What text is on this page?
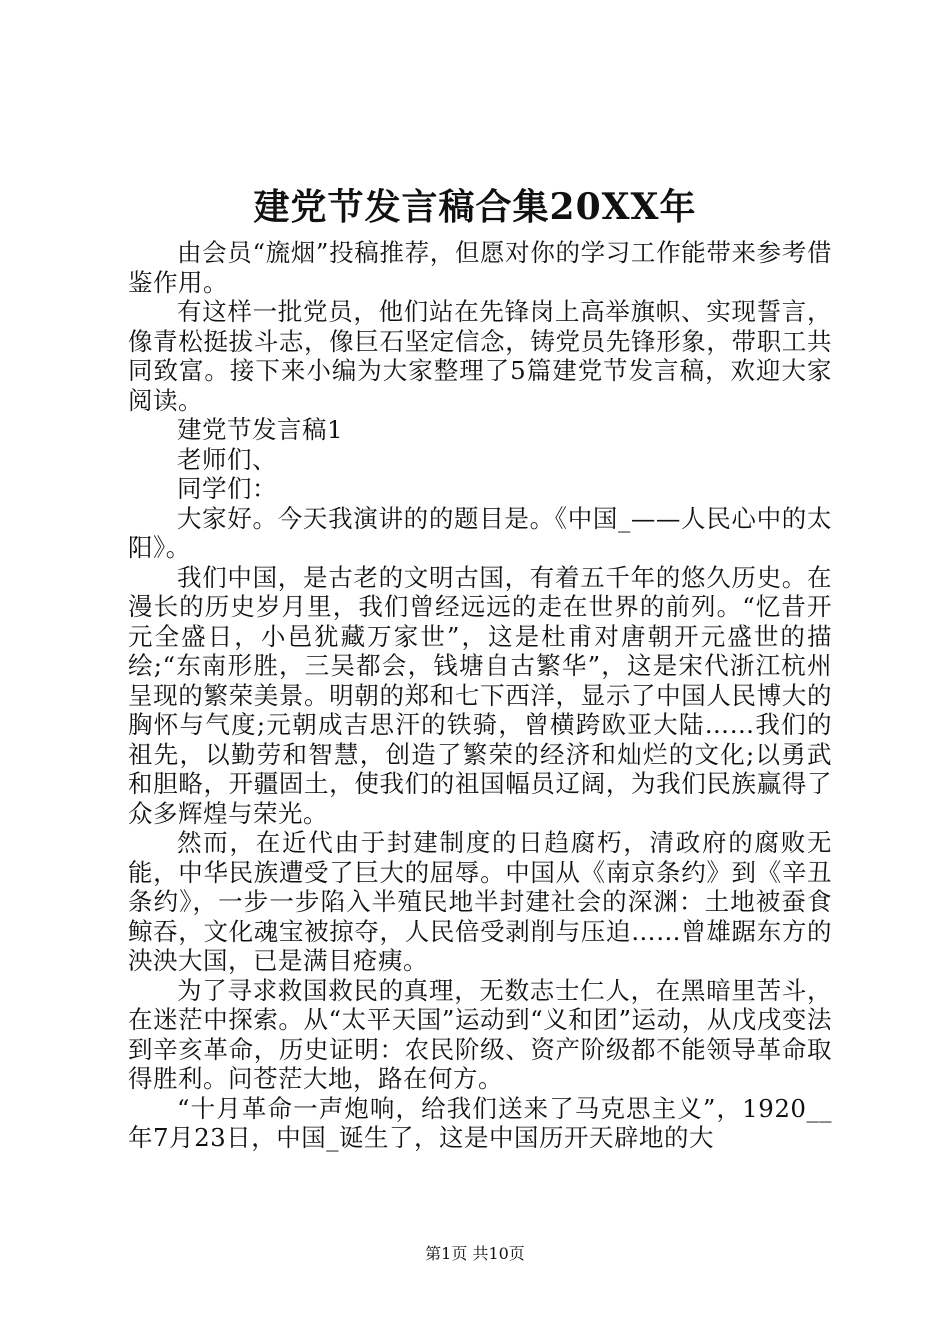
建党节发言稿合集20XX年

由会员“旒烟”投稿推荐，但愿对你的学习工作能带来参考借鉴作用。

有这样一批党员，他们站在先锋岗上高举旗帜、实现誓言，像青松挺拔斗志，像巨石坚定信念，铸党员先锋形象，带职工共同致富。接下来小编为大家整理了5篇建党节发言稿，欢迎大家阅读。

建党节发言稿1

老师们、

同学们：

大家好。今天我演讲的的题目是。《中国_——人民心中的太阳》。

我们中国，是古老的文明古国，有着五千年的悠久历史。在漫长的历史岁月里，我们曾经远远的走在世界的前列。“忆昔开元全盛日，小邑犹藏万家世”，这是杜甫对唐朝开元盛世的描绘;“东南形胜，三吴都会，钱塘自古繁华”，这是宋代浙江杭州呈现的繁荣美景。明朝的郑和七下西洋，显示了中国人民博大的胸怀与气度;元朝成吉思汗的铁骑，曾横跨欧亚大陆……我们的祖先，以勤劳和智慧，创造了繁荣的经济和灿烂的文化;以勇武和胆略，开疆固土，使我们的祖国幅员辽阔，为我们民族赢得了众多辉煌与荣光。

然而，在近代由于封建制度的日趋腐朽，清政府的腐败无能，中华民族遭受了巨大的屈辱。中国从《南京条约》到《辛丑条约》，一步一步陷入半殖民地半封建社会的深渊：土地被蚕食鲸吞，文化魂宝被掠夺，人民倍受剥削与压迫……曾雄踞东方的泱泱大国，已是满目疮痍。

为了寻求救国救民的真理，无数志士仁人，在黑暗里苦斗，在迷茫中探索。从“太平天国”运动到“义和团”运动，从戊戌变法到辛亥革命，历史证明：农民阶级、资产阶级都不能领导革命取得胜利。问苍茫大地，路在何方。

“十月革命一声炮响，给我们送来了马克思主义”，1920__年7月23日，中国_诞生了，这是中国历开天辟地的大

第1页 共10页
